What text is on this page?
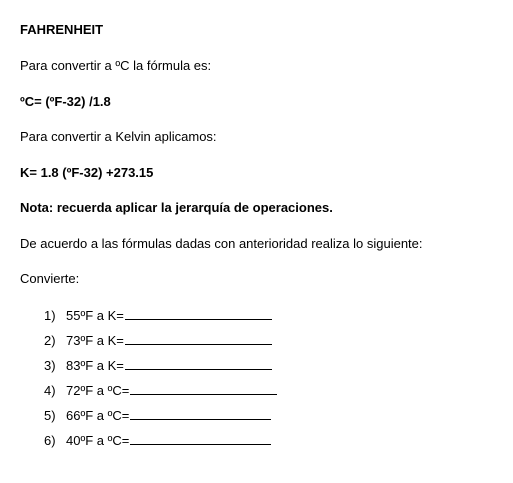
FAHRENHEIT
Para convertir a ºC la fórmula es:
ºC= (ºF-32) /1.8
Para convertir a Kelvin aplicamos:
K= 1.8 (ºF-32) +273.15
Nota: recuerda aplicar la jerarquía de operaciones.
De acuerdo a las fórmulas dadas con anterioridad realiza lo siguiente:
Convierte:
1) 55ºF a K=
2) 73ºF a K=
3) 83ºF a K=
4) 72ºF a ºC=
5) 66ºF a ºC=
6) 40ºF a ºC=
